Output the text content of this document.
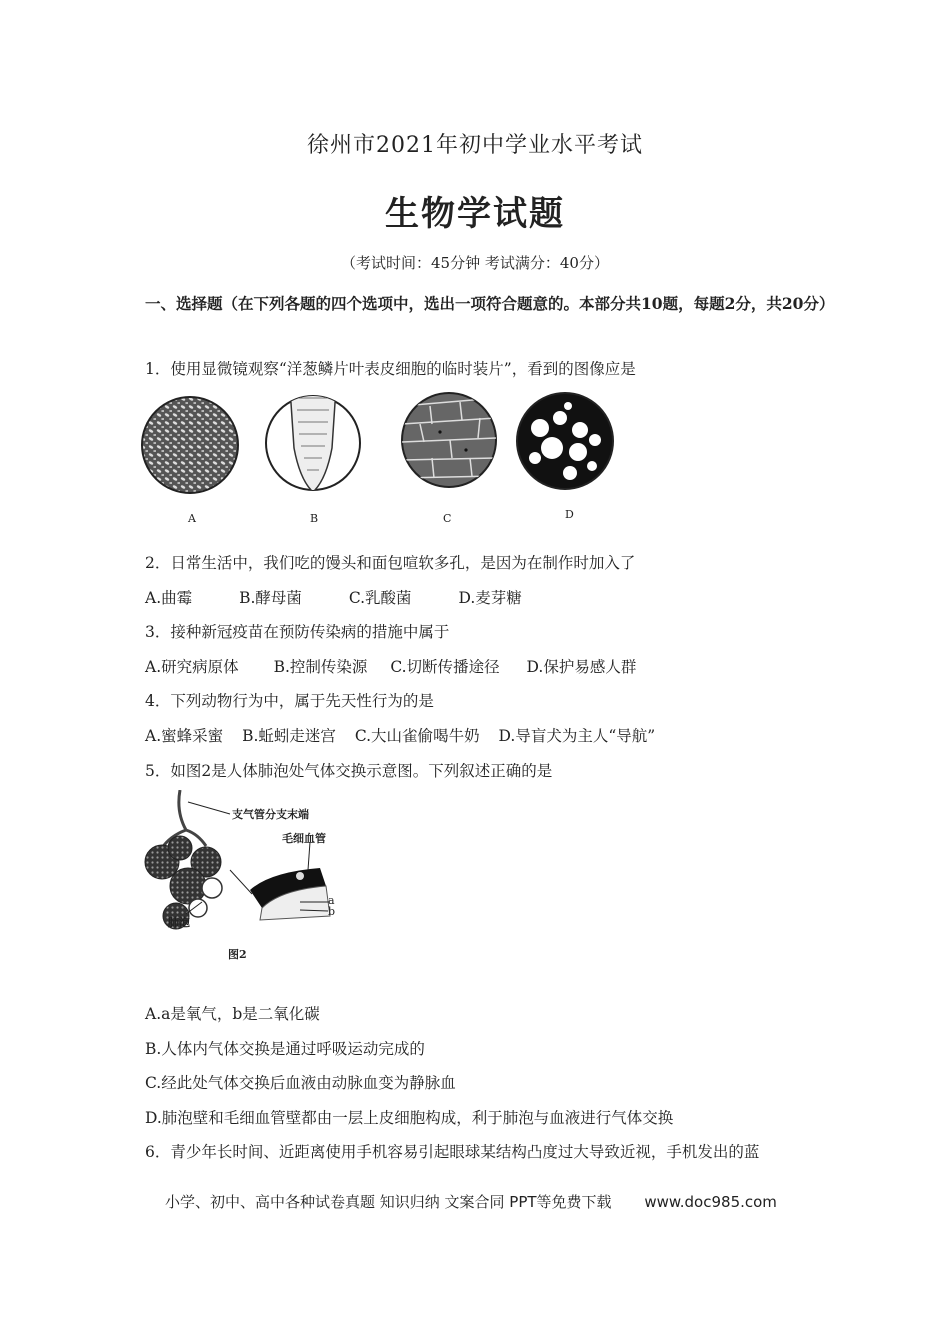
徐州市2021年初中学业水平考试
生物学试题
（考试时间：45分钟 考试满分：40分）
一、选择题（在下列各题的四个选项中，选出一项符合题意的。本部分共10题，每题2分，共20分）
1．使用显微镜观察“洋葱鳞片叶表皮细胞的临时装片”，看到的图像应是
A	B	C	D
2．日常生活中，我们吃的馒头和面包喧软多孔，是因为在制作时加入了
A.曲霉	B.酵母菌	C.乳酸菌	D.麦芽糖
3．接种新冠疫苗在预防传染病的措施中属于
A.研究病原体 B.控制传染源 C.切断传播途径 D.保护易感人群
4．下列动物行为中，属于先天性行为的是
A.蜜蜂采蜜 B.蚯蚓走迷宫 C.大山雀偷喝牛奶 D.导盲犬为主人“导航”
5．如图2是人体肺泡处气体交换示意图。下列叙述正确的是
支气管分支末端
毛细血管
a
b
肺泡
图2
A.a是氧气，b是二氧化碳
B.人体内气体交换是通过呼吸运动完成的
C.经此处气体交换后血液由动脉血变为静脉血
D.肺泡壁和毛细血管壁都由一层上皮细胞构成，利于肺泡与血液进行气体交换
6．青少年长时间、近距离使用手机容易引起眼球某结构凸度过大导致近视，手机发出的蓝
小学、初中、高中各种试卷真题 知识归纳 文案合同 PPT等免费下载 www.doc985.com
